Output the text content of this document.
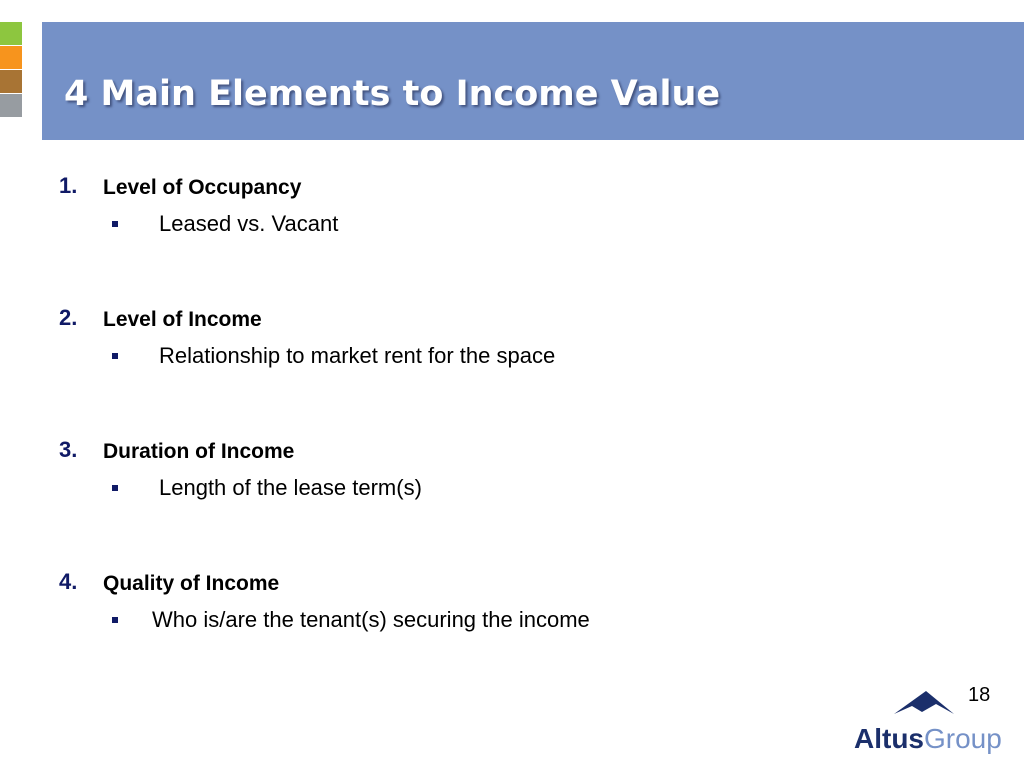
4 Main Elements to Income Value
1. Level of Occupancy
Leased vs. Vacant
2. Level of Income
Relationship to market rent for the space
3. Duration of Income
Length of the lease term(s)
4. Quality of Income
Who is/are the tenant(s) securing the income
18
AltusGroup
